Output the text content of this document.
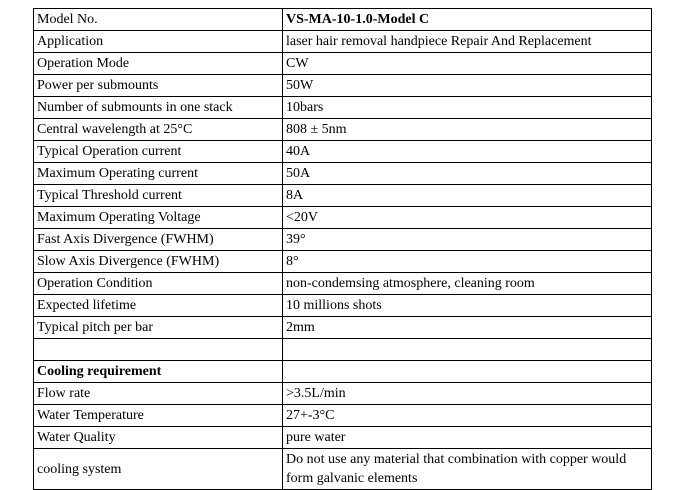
Model No.	VS-MA-10-1.0-Model C
Application	laser hair removal handpiece Repair And Replacement
Operation Mode	CW
Power per submounts	50W
Number of submounts in one stack	10bars
Central wavelength at 25°C	808 ± 5nm
Typical Operation current	40A
Maximum Operating current	50A
Typical Threshold current	8A
Maximum Operating Voltage	<20V
Fast Axis Divergence (FWHM)	39°
Slow Axis Divergence (FWHM)	8°
Operation Condition	non-condemsing atmosphere, cleaning room
Expected lifetime	10 millions shots
Typical pitch per bar	2mm

Cooling requirement	
Flow rate	>3.5L/min
Water Temperature	27+-3°C
Water Quality	pure water
cooling system	Do not use any material that combination with copper would form galvanic elements
